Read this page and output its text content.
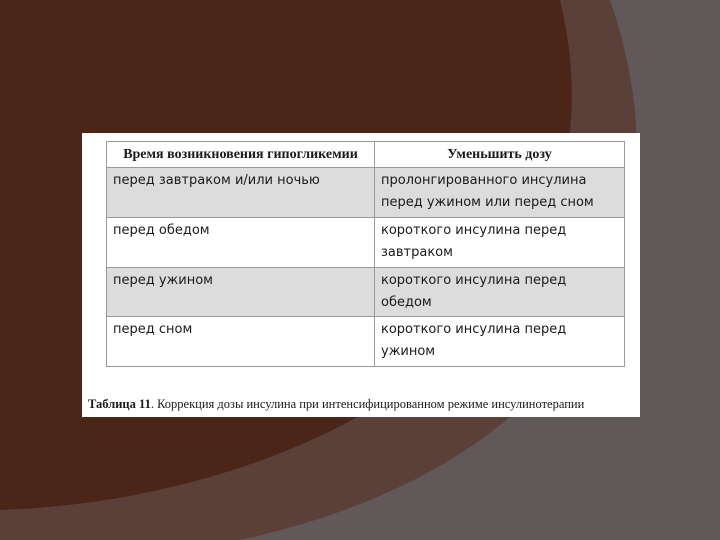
Время возникновения гипогликемии	Уменьшить дозу
перед завтраком и/или ночью	пролонгированного инсулина перед ужином или перед сном
перед обедом	короткого инсулина перед завтраком
перед ужином	короткого инсулина перед обедом
перед сном	короткого инсулина перед ужином
Таблица 11. Коррекция дозы инсулина при интенсифицированном режиме инсулинотерапии
